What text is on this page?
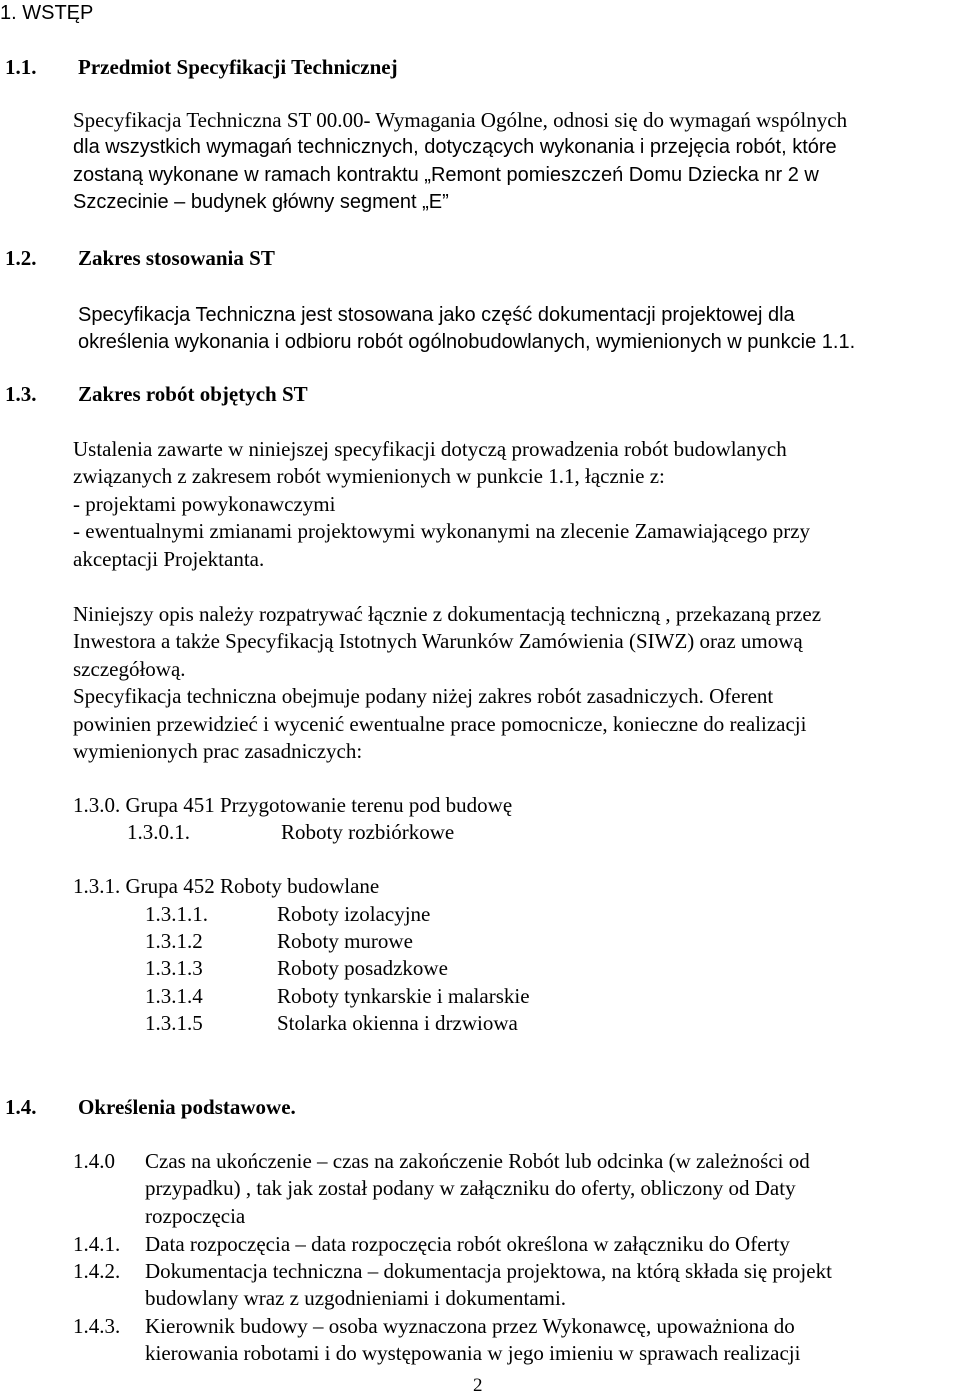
1. WSTĘP
1.1. Przedmiot Specyfikacji Technicznej
Specyfikacja Techniczna ST 00.00- Wymagania Ogólne, odnosi się do wymagań wspólnych
dla wszystkich wymagań technicznych, dotyczących wykonania i przejęcia robót, które
zostaną wykonane w ramach kontraktu „Remont pomieszczeń Domu Dziecka nr 2 w
Szczecinie – budynek główny segment „E”
1.2. Zakres stosowania ST
Specyfikacja Techniczna jest stosowana jako część dokumentacji projektowej dla
określenia wykonania i odbioru robót ogólnobudowlanych, wymienionych w punkcie 1.1.
1.3. Zakres robót objętych ST
Ustalenia zawarte w niniejszej specyfikacji dotyczą prowadzenia robót budowlanych
związanych z zakresem robót wymienionych w punkcie 1.1, łącznie z:
- projektami powykonawczymi
- ewentualnymi zmianami projektowymi wykonanymi na zlecenie Zamawiającego przy
akceptacji Projektanta.
Niniejszy opis należy rozpatrywać łącznie z dokumentacją techniczną , przekazaną przez
Inwestora a także Specyfikacją Istotnych Warunków Zamówienia (SIWZ) oraz umową
szczegółową.
Specyfikacja techniczna obejmuje podany niżej zakres robót zasadniczych. Oferent
powinien przewidzieć i wycenić ewentualne prace pomocnicze, konieczne do realizacji
wymienionych prac zasadniczych:
1.3.0. Grupa 451 Przygotowanie terenu pod budowę
1.3.0.1.	Roboty rozbiórkowe
1.3.1. Grupa 452 Roboty budowlane
1.3.1.1.	Roboty izolacyjne
1.3.1.2	Roboty murowe
1.3.1.3	Roboty posadzkowe
1.3.1.4	Roboty tynkarskie i malarskie
1.3.1.5	Stolarka okienna i drzwiowa
1.4. Określenia podstawowe.
1.4.0 Czas na ukończenie – czas na zakończenie Robót lub odcinka (w zależności od
przypadku) , tak jak został podany w załączniku do oferty, obliczony od Daty
rozpoczęcia
1.4.1. Data rozpoczęcia – data rozpoczęcia robót określona w załączniku do Oferty
1.4.2. Dokumentacja techniczna – dokumentacja projektowa, na którą składa się projekt
budowlany wraz z uzgodnieniami i dokumentami.
1.4.3. Kierownik budowy – osoba wyznaczona przez Wykonawcę, upoważniona do
kierowania robotami i do występowania w jego imieniu w sprawach realizacji
2
